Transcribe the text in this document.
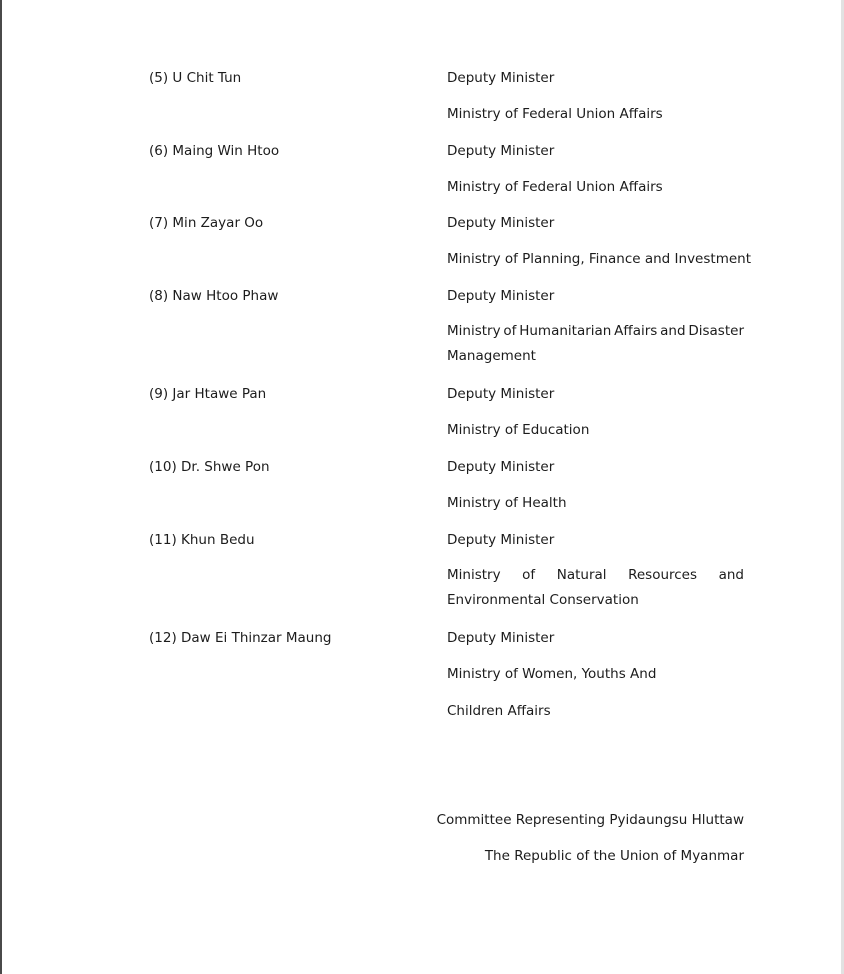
(5) U Chit Tun	Deputy Minister
Ministry of Federal Union Affairs
(6) Maing Win Htoo	Deputy Minister
Ministry of Federal Union Affairs
(7) Min Zayar Oo	Deputy Minister
Ministry of Planning, Finance and Investment
(8) Naw Htoo Phaw	Deputy Minister
Ministry of Humanitarian Affairs and Disaster
Management
(9) Jar Htawe Pan	Deputy Minister
Ministry of Education
(10) Dr. Shwe Pon	Deputy Minister
Ministry of Health
(11) Khun Bedu	Deputy Minister
Ministry of Natural Resources and
Environmental Conservation
(12) Daw Ei Thinzar Maung	Deputy Minister
Ministry of Women, Youths And
Children Affairs
Committee Representing Pyidaungsu Hluttaw
The Republic of the Union of Myanmar
